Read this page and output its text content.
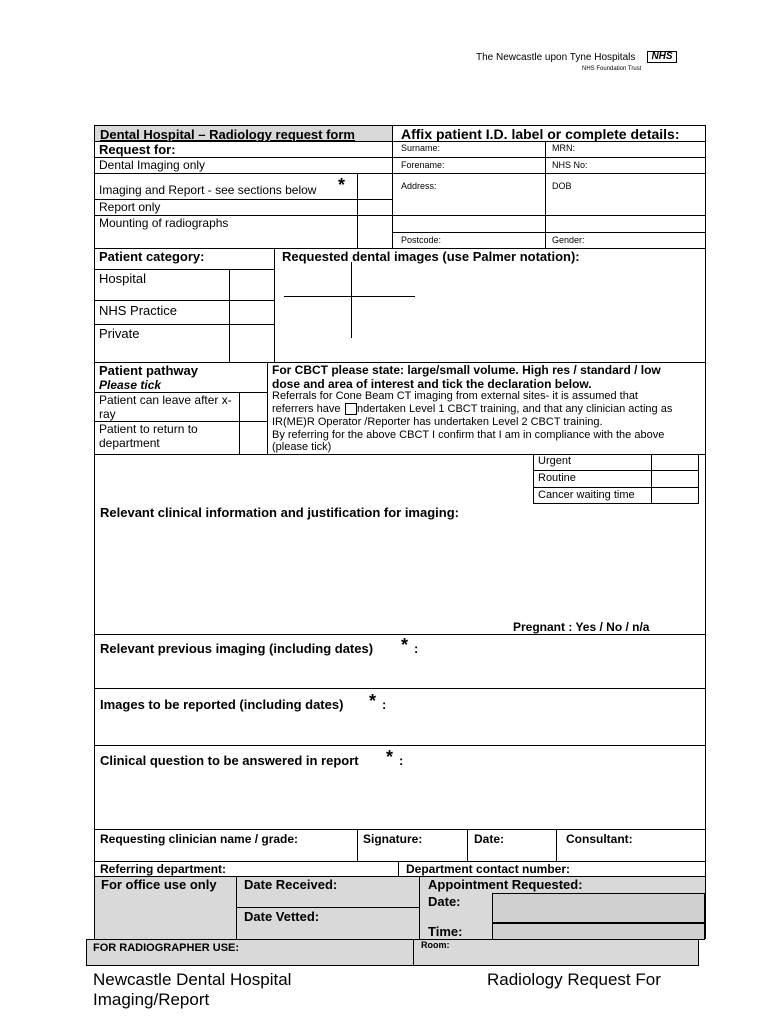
The Newcastle upon Tyne Hospitals	NHS
NHS Foundation Trust
Dental Hospital – Radiology request form	Affix patient I.D. label or complete details:
Request for:
Dental Imaging only
Imaging and Report - see sections below *
Report only
Mounting of radiographs
Surname:	MRN:
Forename:	NHS No:
Address:	DOB
Postcode:	Gender:
Patient category:	Requested dental images (use Palmer notation):
Hospital
NHS Practice
Private
Patient pathway
Please tick
Patient can leave after x-ray
Patient to return to department
For CBCT please state: large/small volume. High res / standard / low
dose and area of interest and tick the declaration below.
Referrals for Cone Beam CT imaging from external sites- it is assumed that
referrers have ndertaken Level 1 CBCT training, and that any clinician acting as
IR(ME)R Operator /Reporter has undertaken Level 2 CBCT training.
By referring for the above CBCT I confirm that I am in compliance with the above
(please tick)
Urgent
Routine
Cancer waiting time
Relevant clinical information and justification for imaging:
Pregnant : Yes / No / n/a
Relevant previous imaging (including dates) * :
Images to be reported (including dates) * :
Clinical question to be answered in report * :
Requesting clinician name / grade:	Signature:	Date:	Consultant:
Referring department:	Department contact number:
For office use only Date Received:
Date Vetted:
Appointment Requested:
Date:
Time:
FOR RADIOGRAPHER USE:	Room:
Newcastle Dental Hospital
Imaging/Report
Radiology Request For
